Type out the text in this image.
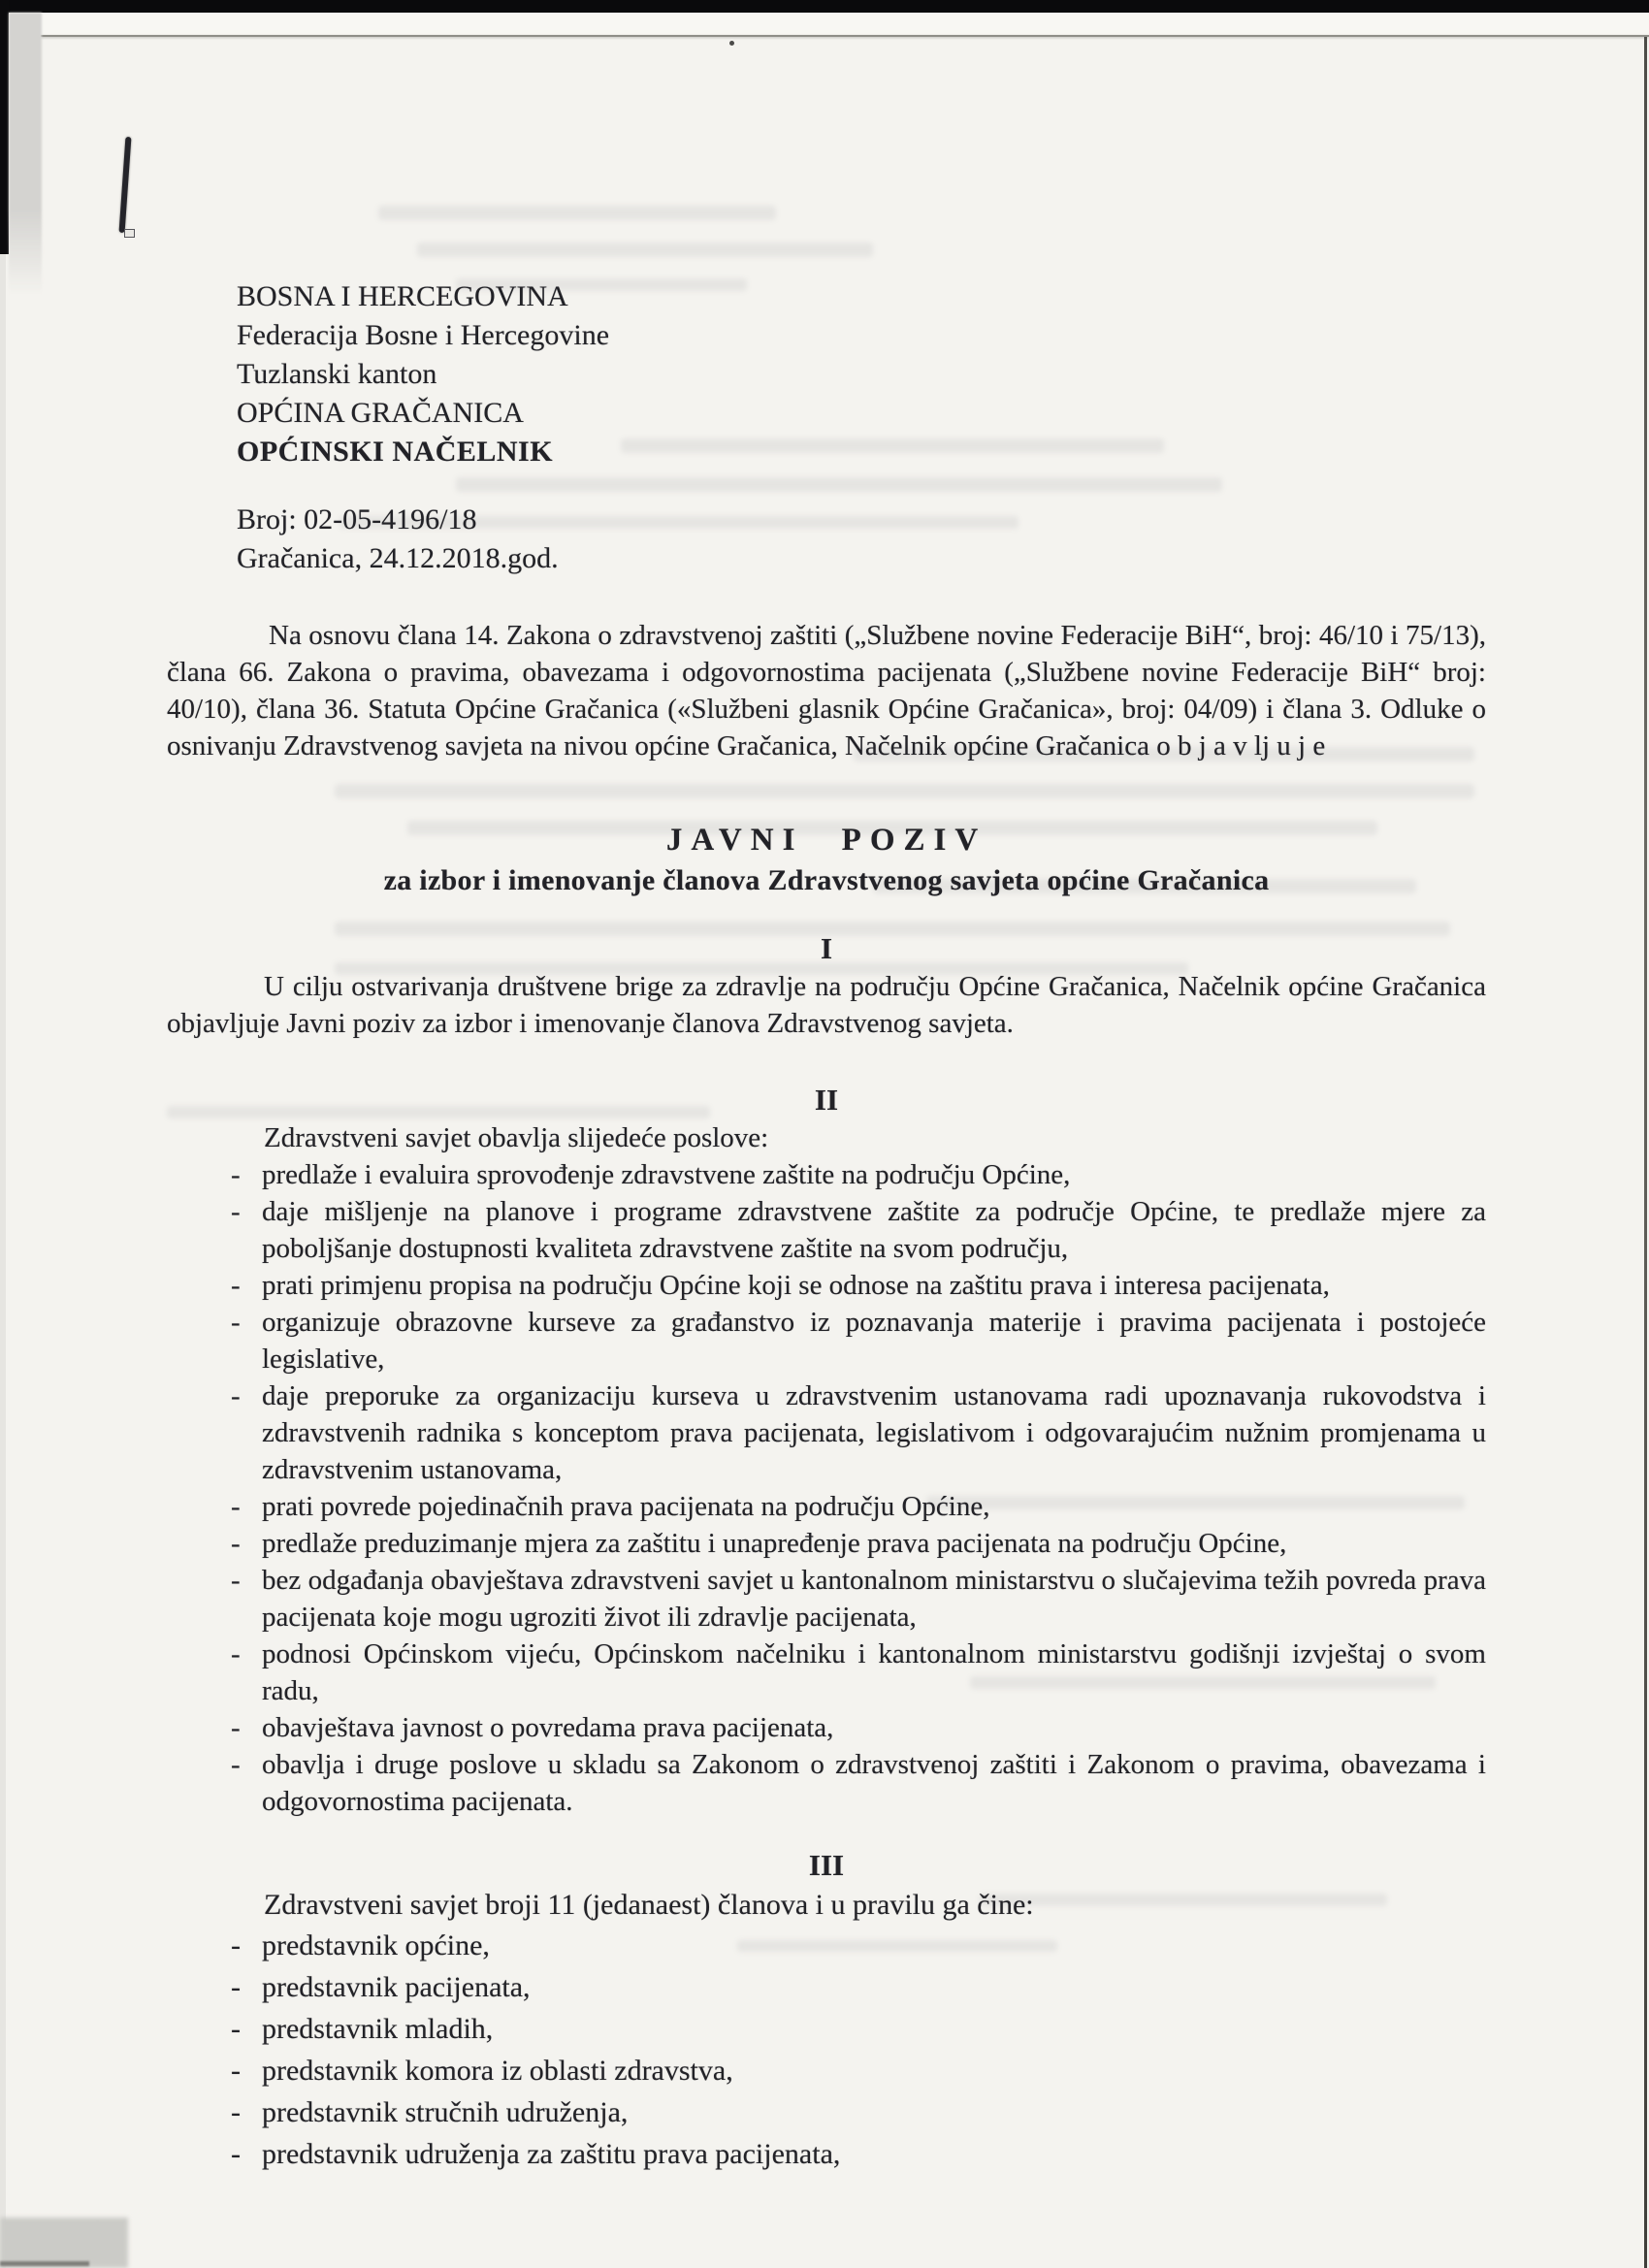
BOSNA I HERCEGOVINA
Federacija Bosne i Hercegovine
Tuzlanski kanton
OPĆINA GRAČANICA
OPĆINSKI NAČELNIK
Broj: 02-05-4196/18
Gračanica, 24.12.2018.god.

Na osnovu člana 14. Zakona o zdravstvenoj zaštiti („Službene novine Federacije BiH“, broj: 46/10 i 75/13), člana 66. Zakona o pravima, obavezama i odgovornostima pacijenata („Službene novine Federacije BiH“ broj: 40/10), člana 36. Statuta Općine Gračanica («Službeni glasnik Općine Gračanica», broj: 04/09) i člana 3. Odluke o osnivanju Zdravstvenog savjeta na nivou općine Gračanica, Načelnik općine Gračanica o b j a v lj u j e

JAVNI POZIV
za izbor i imenovanje članova Zdravstvenog savjeta općine Gračanica
I

U cilju ostvarivanja društvene brige za zdravlje na području Općine Gračanica, Načelnik općine Gračanica objavljuje Javni poziv za izbor i imenovanje članova Zdravstvenog savjeta.

II

Zdravstveni savjet obavlja slijedeće poslove:

- predlaže i evaluira sprovođenje zdravstvene zaštite na području Općine,
- daje mišljenje na planove i programe zdravstvene zaštite za područje Općine, te predlaže mjere za poboljšanje dostupnosti kvaliteta zdravstvene zaštite na svom području,
- prati primjenu propisa na području Općine koji se odnose na zaštitu prava i interesa pacijenata,
- organizuje obrazovne kurseve za građanstvo iz poznavanja materije i pravima pacijenata i postojeće legislative,
- daje preporuke za organizaciju kurseva u zdravstvenim ustanovama radi upoznavanja rukovodstva i zdravstvenih radnika s konceptom prava pacijenata, legislativom i odgovarajućim nužnim promjenama u zdravstvenim ustanovama,
- prati povrede pojedinačnih prava pacijenata na području Općine,
- predlaže preduzimanje mjera za zaštitu i unapređenje prava pacijenata na području Općine,
- bez odgađanja obavještava zdravstveni savjet u kantonalnom ministarstvu o slučajevima težih povreda prava pacijenata koje mogu ugroziti život ili zdravlje pacijenata,
- podnosi Općinskom vijeću, Općinskom načelniku i kantonalnom ministarstvu godišnji izvještaj o svom radu,
- obavještava javnost o povredama prava pacijenata,
- obavlja i druge poslove u skladu sa Zakonom o zdravstvenoj zaštiti i Zakonom o pravima, obavezama i odgovornostima pacijenata.
III

Zdravstveni savjet broji 11 (jedanaest) članova i u pravilu ga čine:

- predstavnik općine,
- predstavnik pacijenata,
- predstavnik mladih,
- predstavnik komora iz oblasti zdravstva,
- predstavnik stručnih udruženja,
- predstavnik udruženja za zaštitu prava pacijenata,
